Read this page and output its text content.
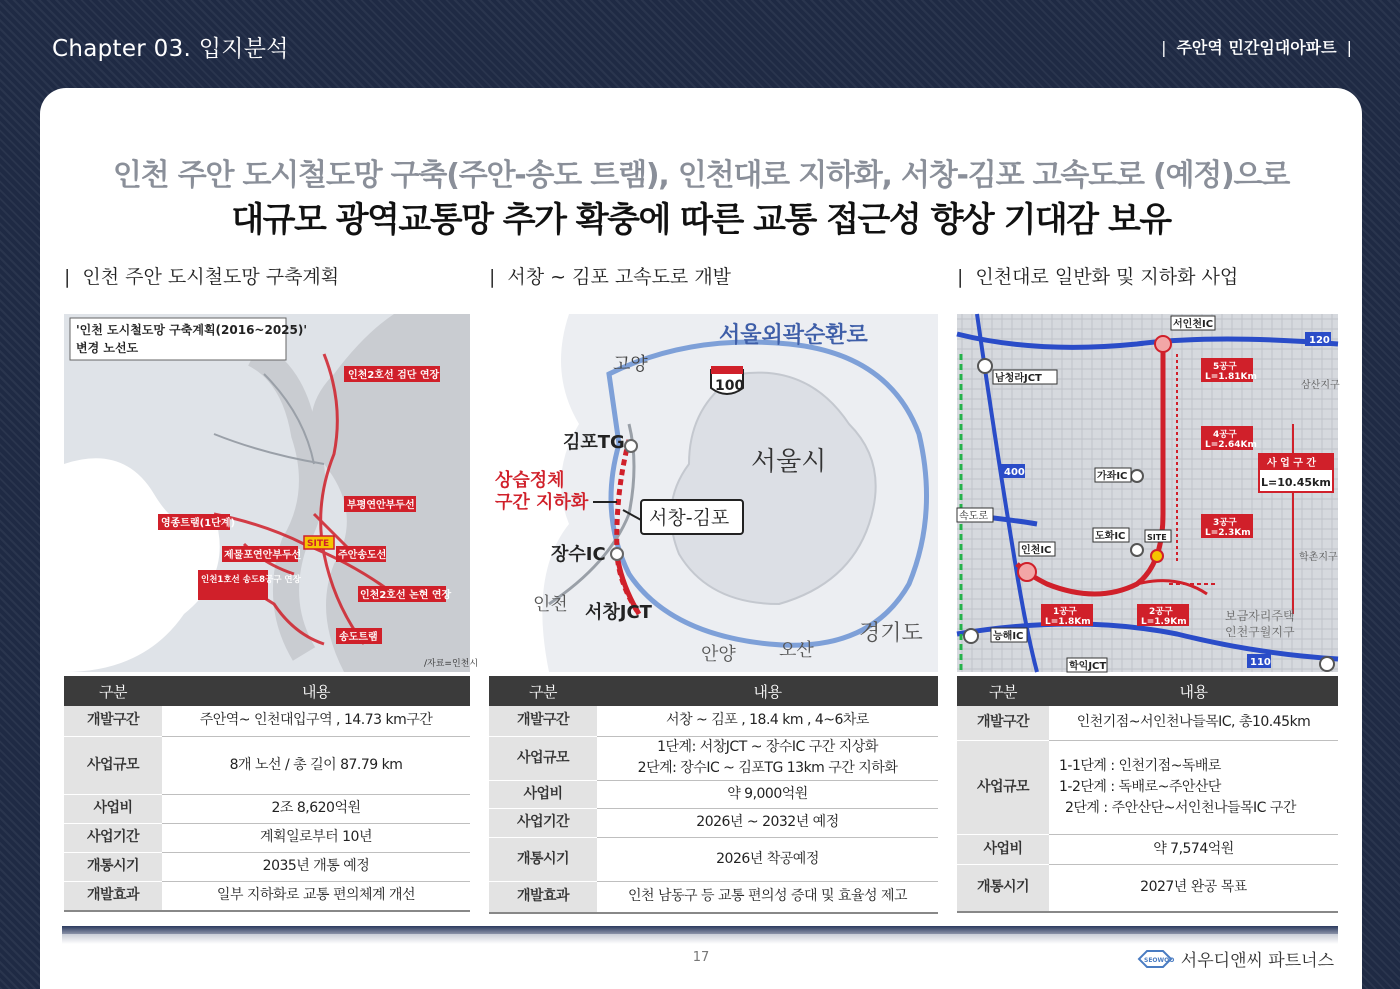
Chapter 03. 입지분석	| 주안역 민간임대아파트 |
인천 주안 도시철도망 구축(주안-송도 트램), 인천대로 지하화, 서창-김포 고속도로 (예정)으로
대규모 광역교통망 추가 확충에 따른 교통 접근성 향상 기대감 보유
| 인천 주안 도시철도망 구축계획
'인천 도시철도망 구축계획(2016~2025)'
변경 노선도
인천2호선 검단 연장
부평연안부두선
영종트램(1단계)
제물포연안부두선	주안송도선
인천1호선 송도8공구 연장
인천2호선 논현 연장
송도트램
SITE
/자료=인천시
구분	내용
개발구간	주안역~ 인천대입구역 , 14.73 km구간
사업규모	8개 노선 / 총 길이 87.79 km
사업비	2조 8,620억원
사업기간	계획일로부터 10년
개통시기	2035년 개통 예정
개발효과	일부 지하화로 교통 편의체계 개선
| 서창 ~ 김포 고속도로 개발
서울외곽순환로
100
고양
서울시
김포TG
상습정체
구간 지하화
서창-김포
장수IC
인천 서창JCT
안양 오산
경기도
구분	내용
개발구간	서창 ~ 김포 , 18.4 km , 4~6차로
사업규모	1단계: 서창JCT ~ 장수IC 구간 지상화
2단계: 장수IC ~ 김포TG 13km 구간 지하화

사업비	약 9,000억원
사업기간	2026년 ~ 2032년 예정
개통시기	2026년 착공예정
개발효과	인천 남동구 등 교통 편의성 증대 및 효율성 제고
| 인천대로 일반화 및 지하화 사업
서인천IC
남청라JCT
가좌IC
도화IC
인천IC
SITE
능해IC
학익JCT
5공구
L=1.81Km
4공구
L=2.64Km
3공구
L=2.3Km
1공구
L=1.8Km
2공구
L=1.9Km
사 업 구 간
L=10.45km
120
400
110
속도로
삼산지구
학촌지구
보금자리주택
인천구월지구
구분	내용
개발구간	인천기점~서인천나들목IC, 총10.45km
사업규모	1-1단계 : 인천기점~독배로
1-2단계 : 독배로~주안산단
2단계 : 주안산단~서인천나들목IC 구간

사업비	약 7,574억원
개통시기	2027년 완공 목표
17	SEOWOO 서우디앤씨 파트너스
